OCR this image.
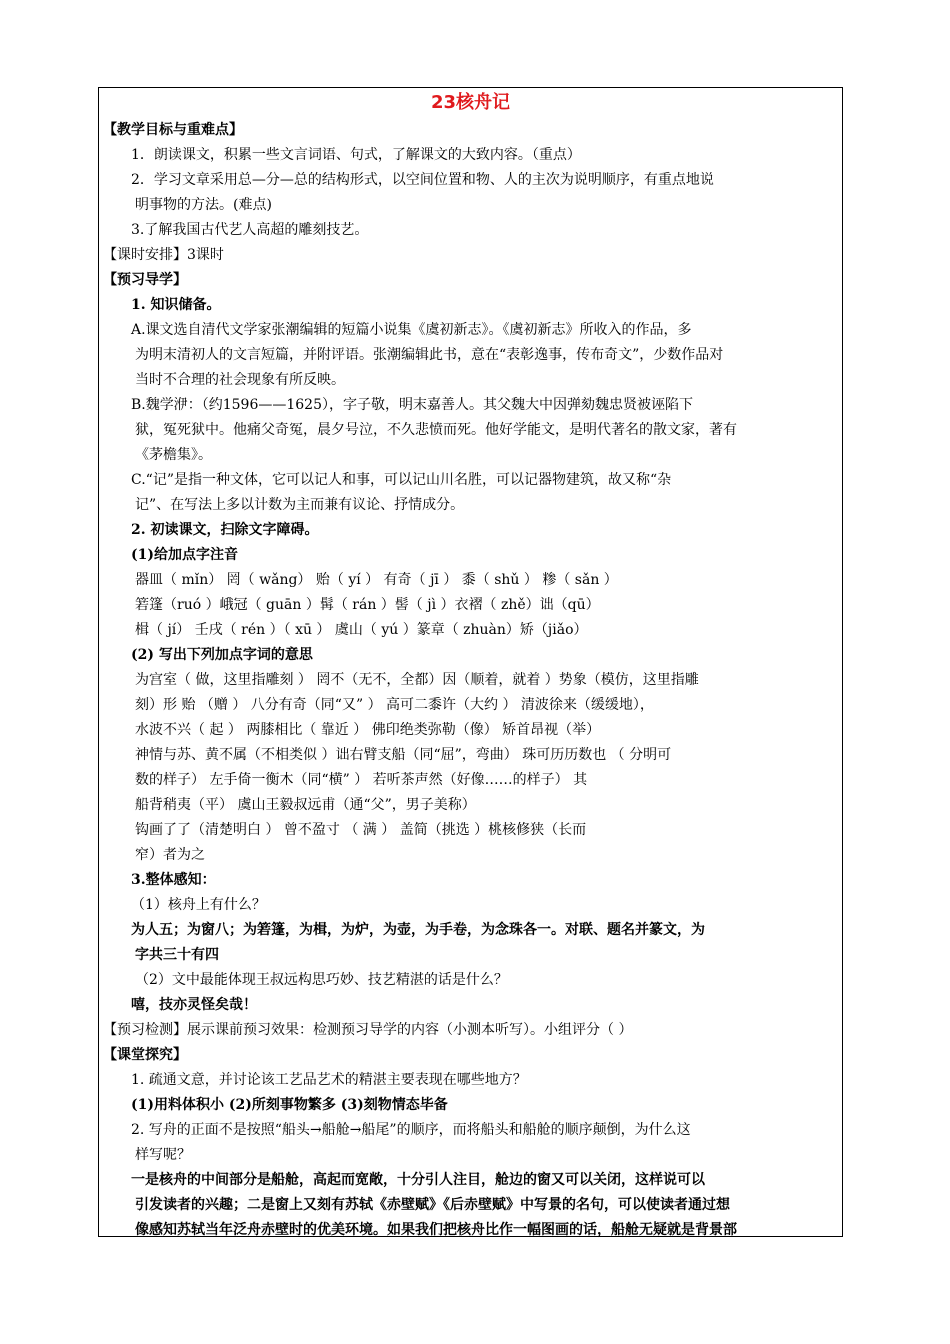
23核舟记
【教学目标与重难点】
1．朗读课文，积累一些文言词语、句式，了解课文的大致内容。（重点）
2．学习文章采用总—分—总的结构形式，以空间位置和物、人的主次为说明顺序，有重点地说
明事物的方法。(难点)
3.了解我国古代艺人高超的雕刻技艺。
【课时安排】3课时
【预习导学】
1. 知识储备。
A.课文选自清代文学家张潮编辑的短篇小说集《虞初新志》。《虞初新志》所收入的作品，多
为明末清初人的文言短篇，并附评语。张潮编辑此书，意在“表彰逸事，传布奇文”，少数作品对
当时不合理的社会现象有所反映。
B.魏学洢：（约1596——1625），字子敬，明末嘉善人。其父魏大中因弹劾魏忠贤被诬陷下
狱，冤死狱中。他痛父奇冤，晨夕号泣，不久悲愤而死。他好学能文，是明代著名的散文家，著有
《茅檐集》。
C.“记”是指一种文体，它可以记人和事，可以记山川名胜，可以记器物建筑，故又称“杂
记”、在写法上多以计数为主而兼有议论、抒情成分。
2. 初读课文，扫除文字障碍。
(1)给加点字注音
器皿（ mǐn） 罔（ wǎng） 贻（ yí ） 有奇（ jī ） 黍（ shǔ ） 糁（ sǎn ）
箬篷（ruó ）峨冠（ guān ）髯（ rán ）髻（ jì ）衣褶（ zhě）诎（qū）
楫（ jí） 壬戌（ rén ）（ xū ） 虞山（ yú ）篆章（ zhuàn）矫（jiǎo）
(2) 写出下列加点字词的意思
为宫室（ 做，这里指雕刻 ） 罔不（无不，全都）因（顺着，就着 ）势象（模仿，这里指雕
刻）形 贻 （赠 ） 八分有奇（同“又” ） 高可二黍许（大约 ） 清波徐来（缓缓地），
水波不兴（ 起 ） 两膝相比（ 靠近 ） 佛印绝类弥勒（像） 矫首昂视（举）
神情与苏、黄不属（不相类似 ）诎右臂支船（同“屈”，弯曲） 珠可历历数也 （ 分明可
数的样子） 左手倚一衡木（同“横” ） 若听茶声然（好像……的样子） 其
船背稍夷（平） 虞山王毅叔远甫（通“父”，男子美称）
钩画了了（清楚明白 ） 曾不盈寸 （ 满 ） 盖简（挑选 ）桃核修狭（长而
窄）者为之
3.整体感知：
（1）核舟上有什么？
为人五；为窗八；为箬篷，为楫，为炉，为壶，为手卷，为念珠各一。对联、题名并篆文，为
字共三十有四
（2）文中最能体现王叔远构思巧妙、技艺精湛的话是什么？
嘻，技亦灵怪矣哉！
【预习检测】展示课前预习效果：检测预习导学的内容（小测本听写）。小组评分（ ）
【课堂探究】
1. 疏通文意，并讨论该工艺品艺术的精湛主要表现在哪些地方？
(1)用料体积小 (2)所刻事物繁多 (3)刻物情态毕备
2. 写舟的正面不是按照“船头→船舱→船尾”的顺序，而将船头和船舱的顺序颠倒，为什么这
样写呢？
一是核舟的中间部分是船舱，高起而宽敞，十分引人注目，舱边的窗又可以关闭，这样说可以
引发读者的兴趣；二是窗上又刻有苏轼《赤壁赋》《后赤壁赋》中写景的名句，可以使读者通过想
像感知苏轼当年泛舟赤壁时的优美环境。如果我们把核舟比作一幅图画的话，船舱无疑就是背景部
